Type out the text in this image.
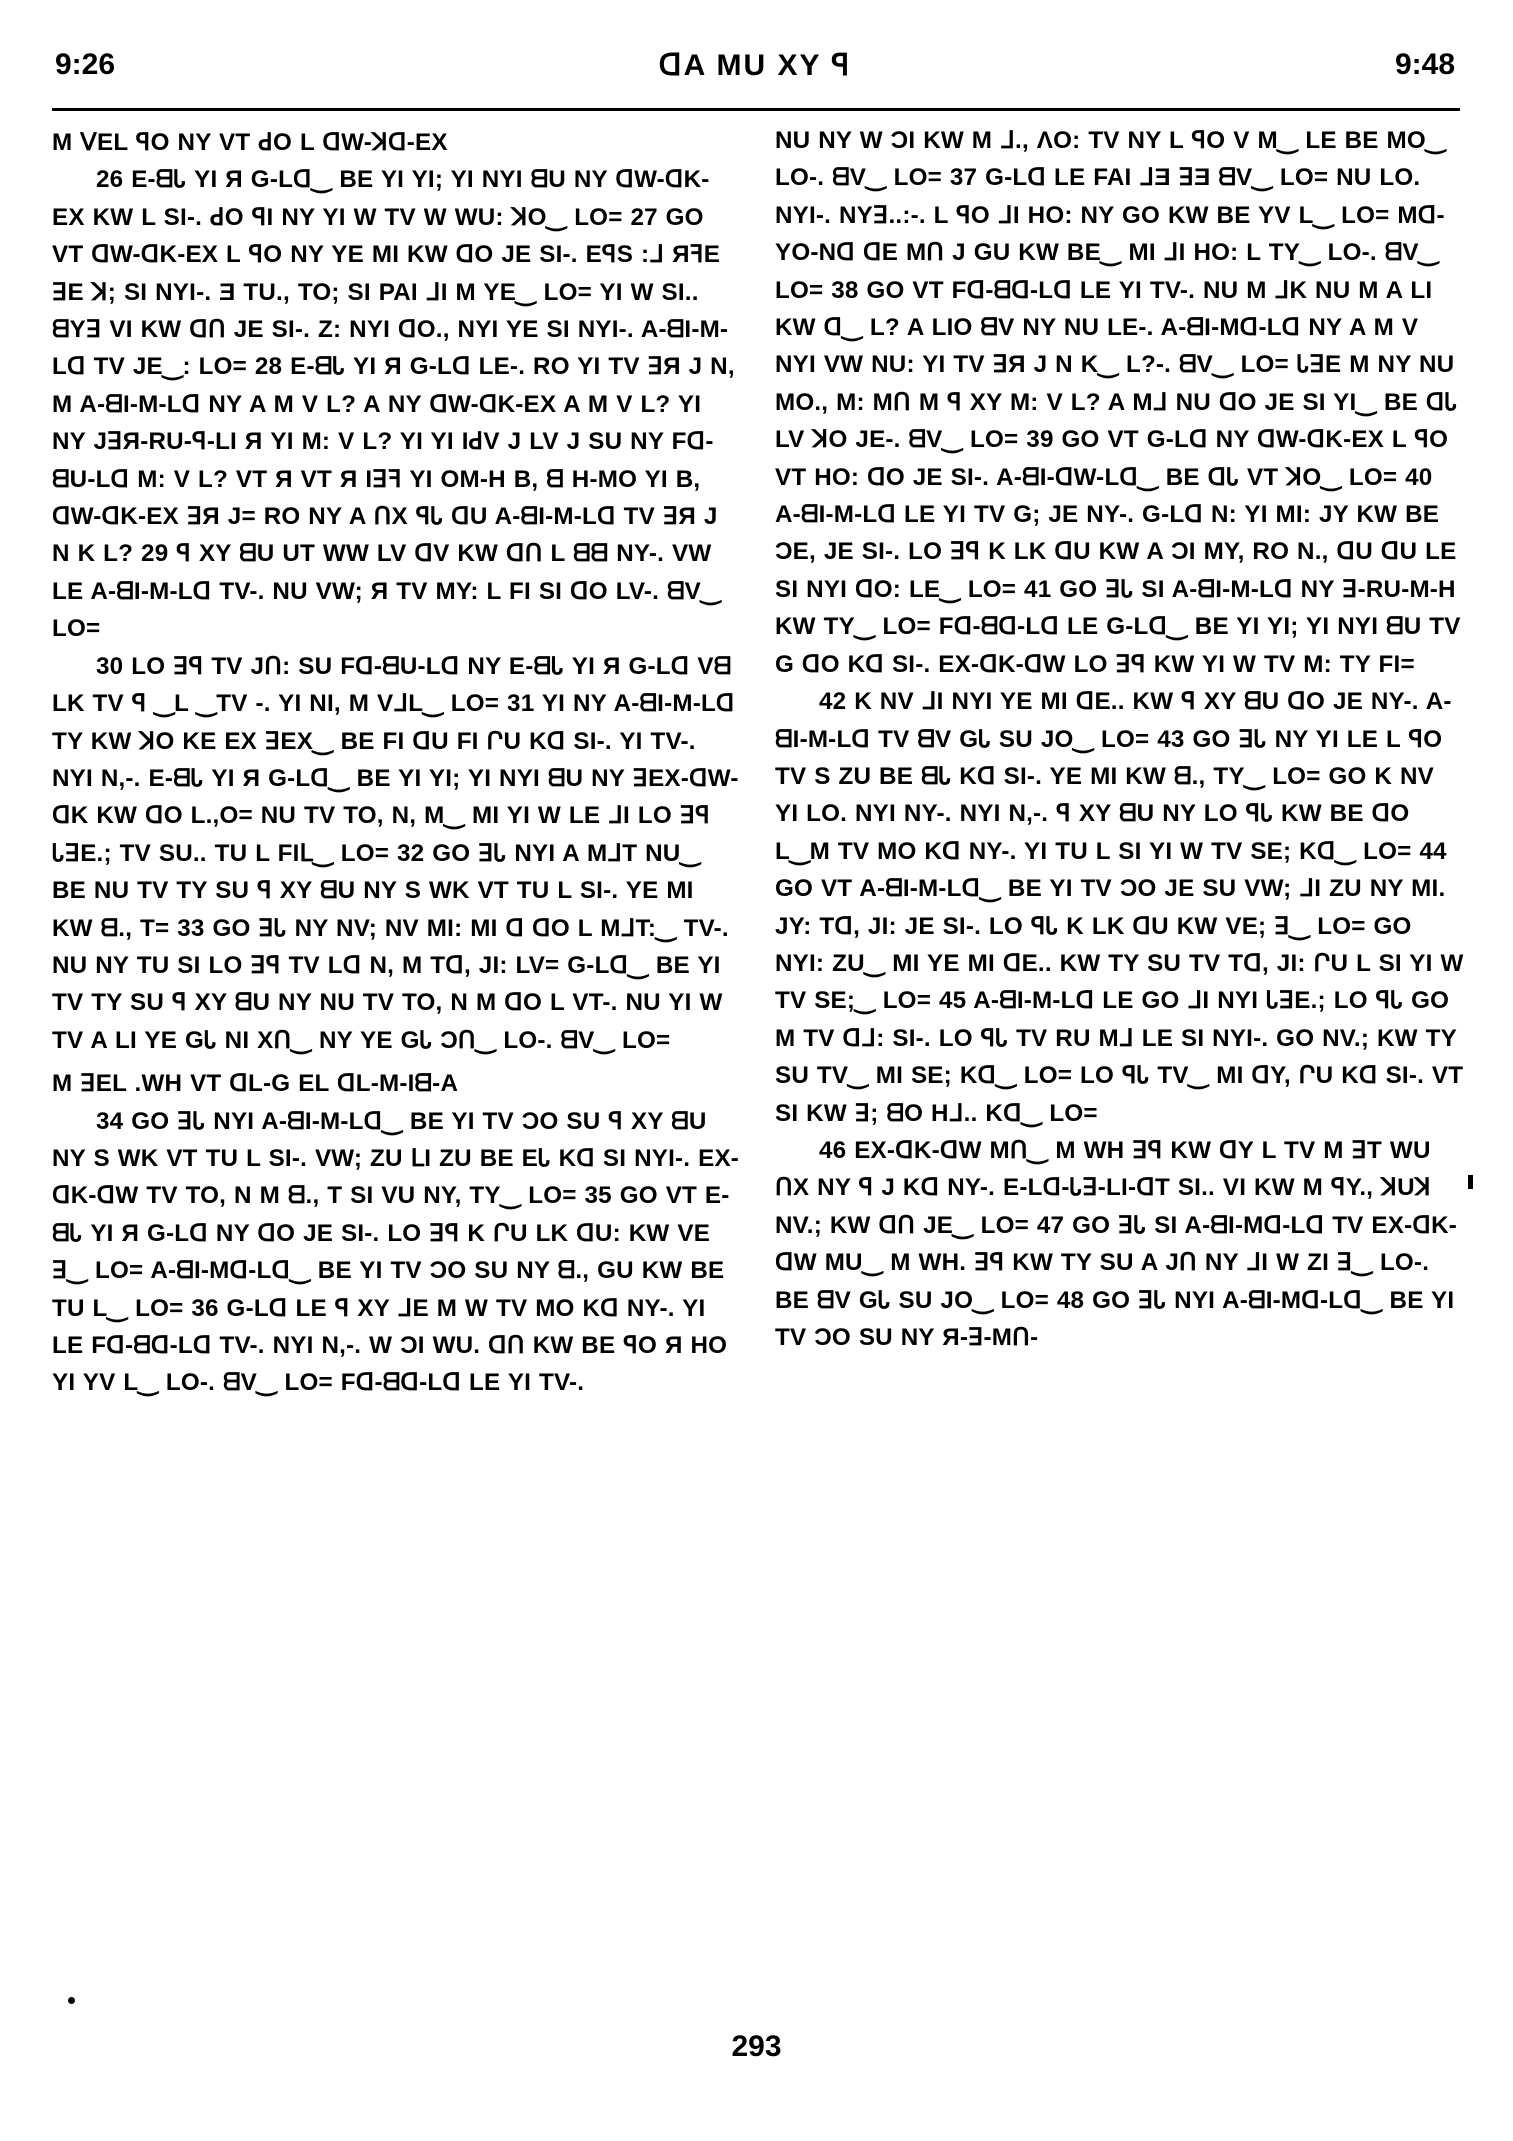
9:26	ᗡA MU XY ꟼ	9:48

M ꓦEL ꟼO NY VT ꓒO L ᗡW-ꓘᗡ-EX

26 E-ᗺᏓ YI Я G-Lᗡ‿ BE YI YI; YI NYI ᗺU NY ᗡW-ᗡK-EX KW L SI-. ꓒO ꟼI NY YI W TV W WU: ꓘO‿ LO= 27 GO VT ᗡW-ᗡK-EX L ꟼO NY YE MI KW ᗡO JE SI-. EꟼS :ᒧ ЯꟻE ꓱE ꓘ; SI NYI-. Ǝ TU., TO; SI PAI ᒧI M YE‿ LO= YI W SI.. ᗺYꓱ VI KW ᗡՈ JE SI-. Z: NYI ᗡO., NYI YE SI NYI-. A-ᗺI-M-Lᗡ TV JE‿: LO= 28 E-ᗺᏓ YI Я G-Lᗡ LE-. RO YI TV ꓱЯ J N, M A-ᗺI-M-Lᗡ NY A M V L? A NY ᗡW-ᗡK-EX A M V L? YI NY JꓱЯ-RU-ꟼ-LI Я YI M: V L? YI YI IꓒV J LV J SU NY Fᗡ-ᗺU-Lᗡ M: V L? VT Я VT Я Iꓱꟻ YI OM-H B, ᗺ H-MO YI B, ᗡW-ᗡK-EX ꓱЯ J= RO NY A ՈX ꟼᏓ ᗡU A-ᗺI-M-Lᗡ TV ꓱЯ J N K L? 29 ꟼ XY ᗺU UT WW LV ᗡV KW ᗡՈ L ᗺᗺ NY-. VW LE A-ᗺI-M-Lᗡ TV-. NU VW; Я TV MY: L FI SI ᗡO LV-. ᗺV‿ LO=

30 LO ꓱꟼ TV JՈ: SU Fᗡ-ᗺU-Lᗡ NY E-ᗺᏓ YI Я G-Lᗡ Vᗺ LK TV ꟼ ‿L ‿TV -. YI NI, M VᒧL‿ LO= 31 YI NY A-ᗺI-M-Lᗡ TY KW ꓘO KE EX ꓱEX‿ BE FI ᗡU FI ՐU Kᗡ SI-. YI TV-. NYI N,-. E-ᗺᏓ YI Я G-Lᗡ‿ BE YI YI; YI NYI ᗺU NY ꓱEX-ᗡW-ᗡK KW ᗡO L.,O= NU TV TO, N, M‿ MI YI W LE ᒧI LO ꓱꟼ ᏓꓱE.; TV SU.. TU L FIᒪ‿ LO= 32 GO ꓱᏓ NYI A MᒧT NU‿ BE NU TV TY SU ꟼ XY ᗺU NY S WK VT TU L SI-. YE MI KW ᗺ., T= 33 GO ꓱᏓ NY NV; NV MI: MI ᗡ ᗡO L MᒧT:‿ TV-. NU NY TU SI LO ꓱꟼ TV Lᗡ N, M Tᗡ, JI: LV= G-Lᗡ‿ BE YI TV TY SU ꟼ XY ᗺU NY NU TV TO, N M ᗡO L VT-. NU YI W TV A LI YE GᏓ NI XՈ‿ NY YE GᏓ ƆՈ‿ LO-. ᗺV‿ LO=

M ꓱEL .WH VT ᗡL-G EL ᗡL-M-Iᗺ-A

34 GO ꓱᏓ NYI A-ᗺI-M-Lᗡ‿ BE YI TV ƆO SU ꟼ XY ᗺU NY S WK VT TU L SI-. VW; ZU ᒪI ZU BE EᏓ Kᗡ SI NYI-. EX-ᗡK-ᗡW TV TO, N M ᗺ., T SI VU NY, TY‿ LO= 35 GO VT E-ᗺᏓ YI Я G-Lᗡ NY ᗡO JE SI-. LO ꓱꟼ K ՐU LK ᗡU: KW VE ꓱ‿ LO= A-ᗺI-Mᗡ-Lᗡ‿ BE YI TV ƆO SU NY ᗺ., GU KW BE TU L‿ LO= 36 G-Lᗡ LE ꟼ XY ᒧE M W TV MO Kᗡ NY-. YI LE Fᗡ-ᗺᗡ-Lᗡ TV-. NYI N,-. W ƆI WU. ᗡՈ KW BE ꟼO Я HO YI YV L‿ LO-. ᗺV‿ LO= Fᗡ-ᗺᗡ-Lᗡ LE YI TV-.

NU NY W ƆI KW M ᒧ., ɅO: TV NY L ꟼO V M‿ LE BE MO‿ LO-. ᗺV‿ LO= 37 G-Lᗡ LE FAI ᒧƎ ꓱƎ ᗺV‿ LO= NU LO. NYI-. NYꓱ..:-. L ꟼO ᒧI HO: NY GO KW BE YV L‿ LO= Mᗡ-YO-Nᗡ ᗡE MՈ J GU KW BE‿ MI ᒧI HO: L TY‿ LO-. ᗺV‿ LO= 38 GO VT Fᗡ-ᗺᗡ-Lᗡ LE YI TV-. NU M ᒧK NU M A LI KW ᗡ‿ L? A LIO ᗺV NY NU LE-. A-ᗺI-Mᗡ-Lᗡ NY A M V NYI VW NU: YI TV ꓱЯ J N K‿ L?-. ᗺV‿ LO= ᏓꓱE M NY NU MO., M: MՈ M ꟼ XY M: V L? A Mᒧ NU ᗡO JE SI YI‿ BE ᗡᏓ LV ꓘO JE-. ᗺV‿ LO= 39 GO VT G-Lᗡ NY ᗡW-ᗡK-EX L ꟼO VT HO: ᗡO JE SI-. A-ᗺI-ᗡW-Lᗡ‿ BE ᗡᏓ VT ꓘO‿ LO= 40 A-ᗺI-M-Lᗡ LE YI TV G; JE NY-. G-Lᗡ N: YI MI: JY KW BE ƆE, JE SI-. LO ꓱꟼ K LK ᗡU KW A ƆI MY, RO N., ᗡU ᗡU LE SI NYI ᗡO: LE‿ LO= 41 GO ꓱᏓ SI A-ᗺI-M-Lᗡ NY ꓱ-RU-M-H KW TY‿ LO= Fᗡ-ᗺᗡ-Lᗡ LE G-Lᗡ‿ BE YI YI; YI NYI ᗺU TV G ᗡO Kᗡ SI-. EX-ᗡK-ᗡW LO ꓱꟼ KW YI W TV M: TY FI=

42 K NV ᒧI NYI YE MI ᗡE.. KW ꟼ XY ᗺU ᗡO JE NY-. A-ᗺI-M-Lᗡ TV ᗺV GᏓ SU JO‿ LO= 43 GO ꓱᏓ NY YI LE L ꟼO TV S ZU BE ᗺᏓ Kᗡ SI-. YE MI KW ᗺ., TY‿ LO= GO K NV YI LO. NYI NY-. NYI N,-. ꟼ XY ᗺU NY LO ꟼᏓ KW BE ᗡO L‿M TV MO Kᗡ NY-. YI TU L SI YI W TV SE; Kᗡ‿ LO= 44 GO VT A-ᗺI-M-Lᗡ‿ BE YI TV ƆO JE SU VW; ᒧI ZU NY MI. JY: Tᗡ, JI: JE SI-. LO ꟼᏓ K LK ᗡU KW VE; ꓱ‿ LO= GO NYI: ZU‿ MI YE MI ᗡE.. KW TY SU TV Tᗡ, JI: ՐU L SI YI W TV SE;‿ LO= 45 A-ᗺI-M-Lᗡ LE GO ᒧI NYI ᏓꓱE.; LO ꟼᏓ GO M TV ᗡᒧ: SI-. LO ꟼᏓ TV RU Mᒧ LE SI NYI-. GO NV.; KW TY SU TV‿ MI SE; Kᗡ‿ LO= LO ꟼᏓ TV‿ MI ᗡY, ՐU Kᗡ SI-. VT SI KW ꓱ; ᗺO Hᒧ.. Kᗡ‿ LO=

46 EX-ᗡK-ᗡW MՈ‿ M WH ꓱꟼ KW ᗡY L TV M ꓱT WU ՈX NY ꟼ J Kᗡ NY-. E-Lᗡ-Ꮣꓱ-LI-ᗡT SI.. VI KW M ꟼY., ꓘUꓘ NV.; KW ᗡՈ JE‿ LO= 47 GO ꓱᏓ SI A-ᗺI-Mᗡ-Lᗡ TV EX-ᗡK-ᗡW MU‿ M WH. ꓱꟼ KW TY SU A JՈ NY ᒧI W ZI ꓱ‿ LO-. BE ᗺV GᏓ SU JO‿ LO= 48 GO ꓱᏓ NYI A-ᗺI-Mᗡ-Lᗡ‿ BE YI TV ƆO SU NY Я-ꓱ-MՈ-

293
